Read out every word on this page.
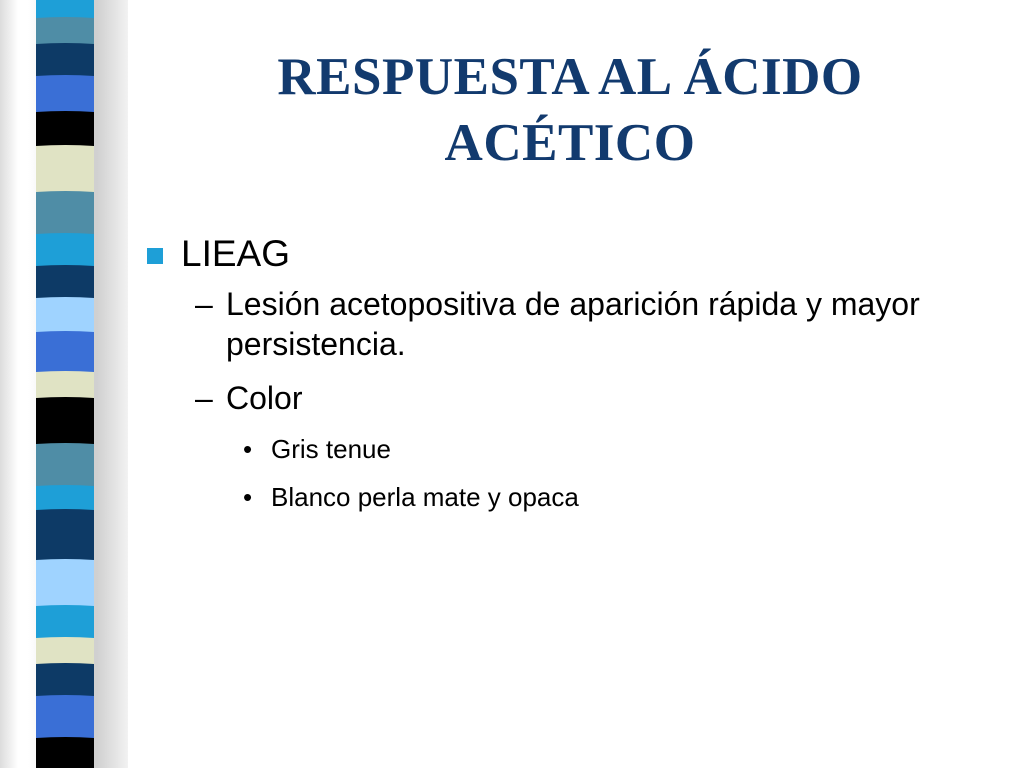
RESPUESTA AL ÁCIDO
ACÉTICO
LIEAG
– Lesión acetopositiva de aparición rápida y mayor persistencia.
– Color
• Gris tenue
• Blanco perla mate y opaca
